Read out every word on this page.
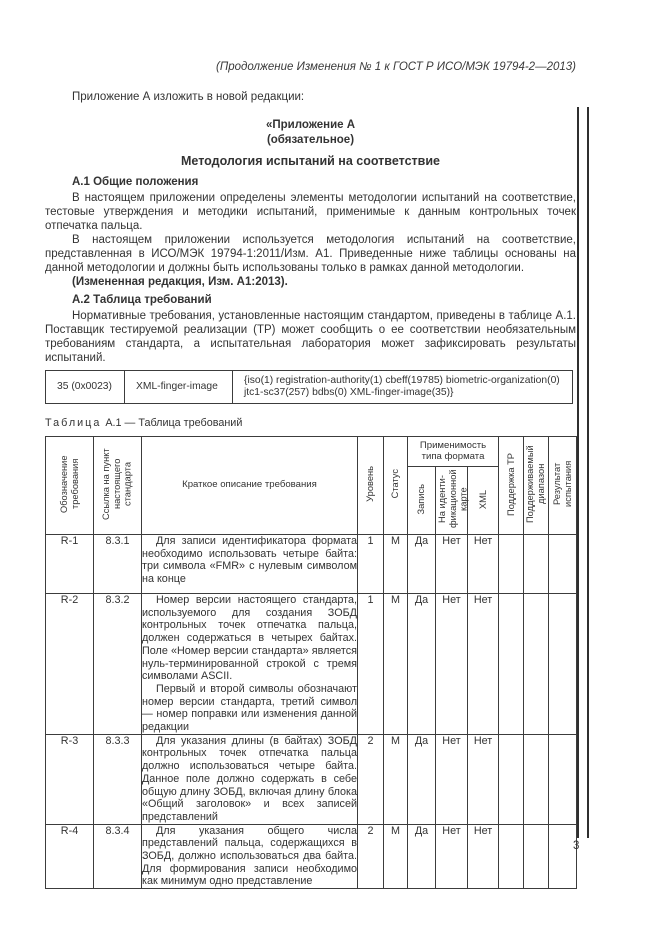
(Продолжение Изменения № 1 к ГОСТ Р ИСО/МЭК 19794-2—2013)

Приложение А изложить в новой редакции:

«Приложение А
(обязательное)
Методология испытаний на соответствие
А.1 Общие положения

В настоящем приложении определены элементы методологии испытаний на соответствие, тестовые утверждения и методики испытаний, применимые к данным контрольных точек отпечатка пальца.

В настоящем приложении используется методология испытаний на соответствие, представленная в ИСО/МЭК 19794-1:2011/Изм. А1. Приведенные ниже таблицы основаны на данной методологии и должны быть использованы только в рамках данной методологии.

(Измененная редакция, Изм. А1:2013).

А.2 Таблица требований

Нормативные требования, установленные настоящим стандартом, приведены в таблице А.1. Поставщик тестируемой реализации (ТР) может сообщить о ее соответствии необязательным требованиям стандарта, а испытательная лаборатория может зафиксировать результаты испытаний.

35 (0x0023)	XML-finger-image	{iso(1) registration-authority(1) cbeff(19785) biometric-organization(0) jtc1-sc37(257) bdbs(0) XML-finger-image(35)}
Таблица А.1 — Таблица требований
Обозначение требования	Ссылка на пункт настоящего стандарта	Краткое описание требования	Уровень	Статус	Применимость типа формата			Поддержка ТР	Поддерживаемый диапазон	Результат испытания
					Запись	На иденти-фикационной карте	XML			
R-1	8.3.1	Для записи идентификатора формата необходимо использовать четыре байта: три символа «FMR» с нулевым символом на конце	1	М	Да	Нет	Нет			
R-2	8.3.2	Номер версии настоящего стандарта, используемого для создания ЗОБД контрольных точек отпечатка пальца, должен содержаться в четырех байтах. Поле «Номер версии стандарта» является нуль-терминированной строкой с тремя символами ASCII.

Первый и второй символы обозначают номер версии стандарта, третий символ — номер поправки или изменения данной редакции	1	М	Да	Нет	Нет			
R-3	8.3.3	Для указания длины (в байтах) ЗОБД контрольных точек отпечатка пальца должно использоваться четыре байта. Данное поле должно содержать в себе общую длину ЗОБД, включая длину блока «Общий заголовок» и всех записей представлений	2	М	Да	Нет	Нет			
R-4	8.3.4	Для указания общего числа представлений пальца, содержащихся в ЗОБД, должно использоваться два байта. Для формирования записи необходимо как минимум одно представление	2	М	Да	Нет	Нет			
3
